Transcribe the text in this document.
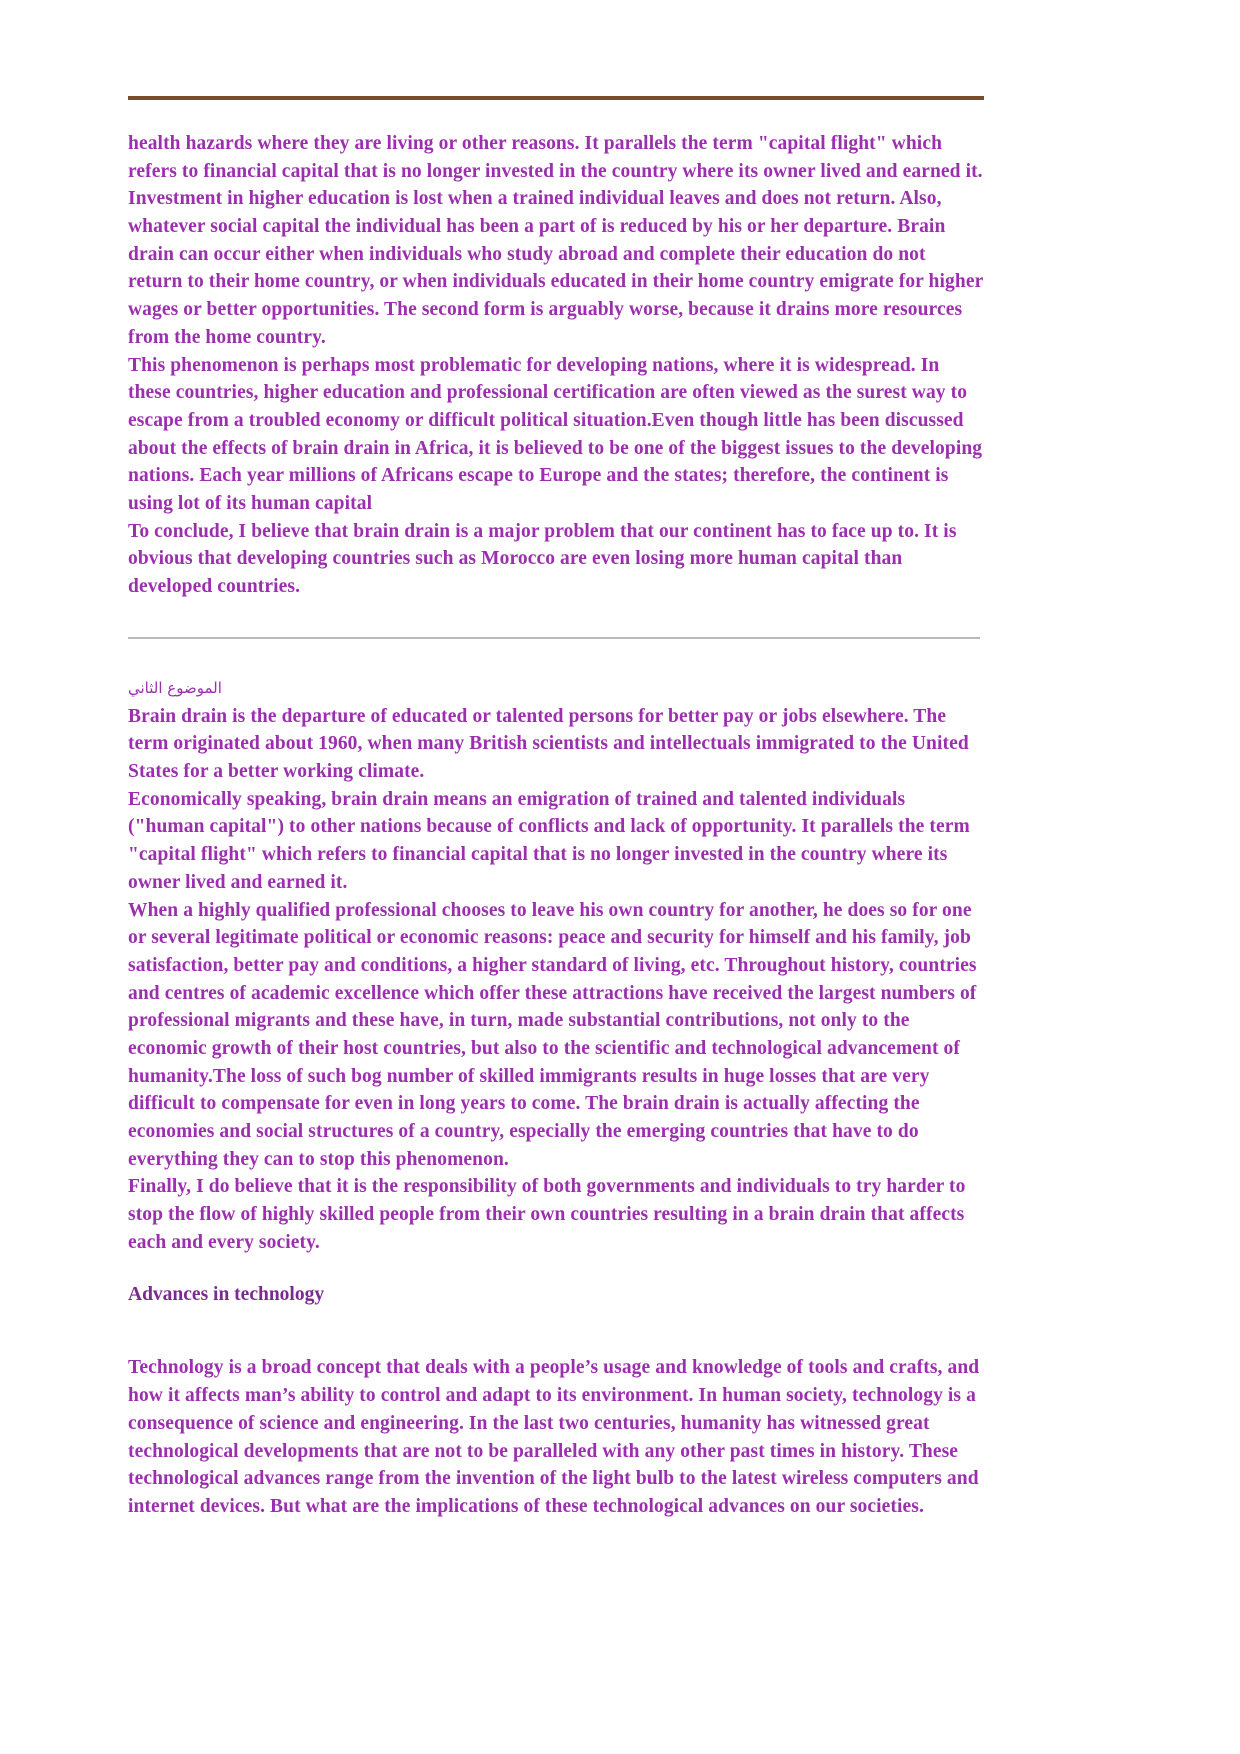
health hazards where they are living or other reasons. It parallels the term "capital flight" which refers to financial capital that is no longer invested in the country where its owner lived and earned it.

Investment in higher education is lost when a trained individual leaves and does not return. Also, whatever social capital the individual has been a part of is reduced by his or her departure. Brain drain can occur either when individuals who study abroad and complete their education do not return to their home country, or when individuals educated in their home country emigrate for higher wages or better opportunities. The second form is arguably worse, because it drains more resources from the home country.

This phenomenon is perhaps most problematic for developing nations, where it is widespread. In these countries, higher education and professional certification are often viewed as the surest way to escape from a troubled economy or difficult political situation.Even though little has been discussed about the effects of brain drain in Africa, it is believed to be one of the biggest issues to the developing nations. Each year millions of Africans escape to Europe and the states; therefore, the continent is using lot of its human capital

To conclude, I believe that brain drain is a major problem that our continent has to face up to. It is obvious that developing countries such as Morocco are even losing more human capital than developed countries.

الموضوع الثاني

Brain drain is the departure of educated or talented persons for better pay or jobs elsewhere. The term originated about 1960, when many British scientists and intellectuals immigrated to the United States for a better working climate.

Economically speaking, brain drain means an emigration of trained and talented individuals ("human capital") to other nations because of conflicts and lack of opportunity. It parallels the term "capital flight" which refers to financial capital that is no longer invested in the country where its owner lived and earned it.

When a highly qualified professional chooses to leave his own country for another, he does so for one or several legitimate political or economic reasons: peace and security for himself and his family, job satisfaction, better pay and conditions, a higher standard of living, etc. Throughout history, countries and centres of academic excellence which offer these attractions have received the largest numbers of professional migrants and these have, in turn, made substantial contributions, not only to the economic growth of their host countries, but also to the scientific and technological advancement of humanity.The loss of such bog number of skilled immigrants results in huge losses that are very difficult to compensate for even in long years to come. The brain drain is actually affecting the economies and social structures of a country, especially the emerging countries that have to do everything they can to stop this phenomenon.

Finally, I do believe that it is the responsibility of both governments and individuals to try harder to stop the flow of highly skilled people from their own countries resulting in a brain drain that affects each and every society.

Advances in technology

Technology is a broad concept that deals with a people’s usage and knowledge of tools and crafts, and how it affects man’s ability to control and adapt to its environment. In human society, technology is a consequence of science and engineering. In the last two centuries, humanity has witnessed great technological developments that are not to be paralleled with any other past times in history. These technological advances range from the invention of the light bulb to the latest wireless computers and internet devices. But what are the implications of these technological advances on our societies.
